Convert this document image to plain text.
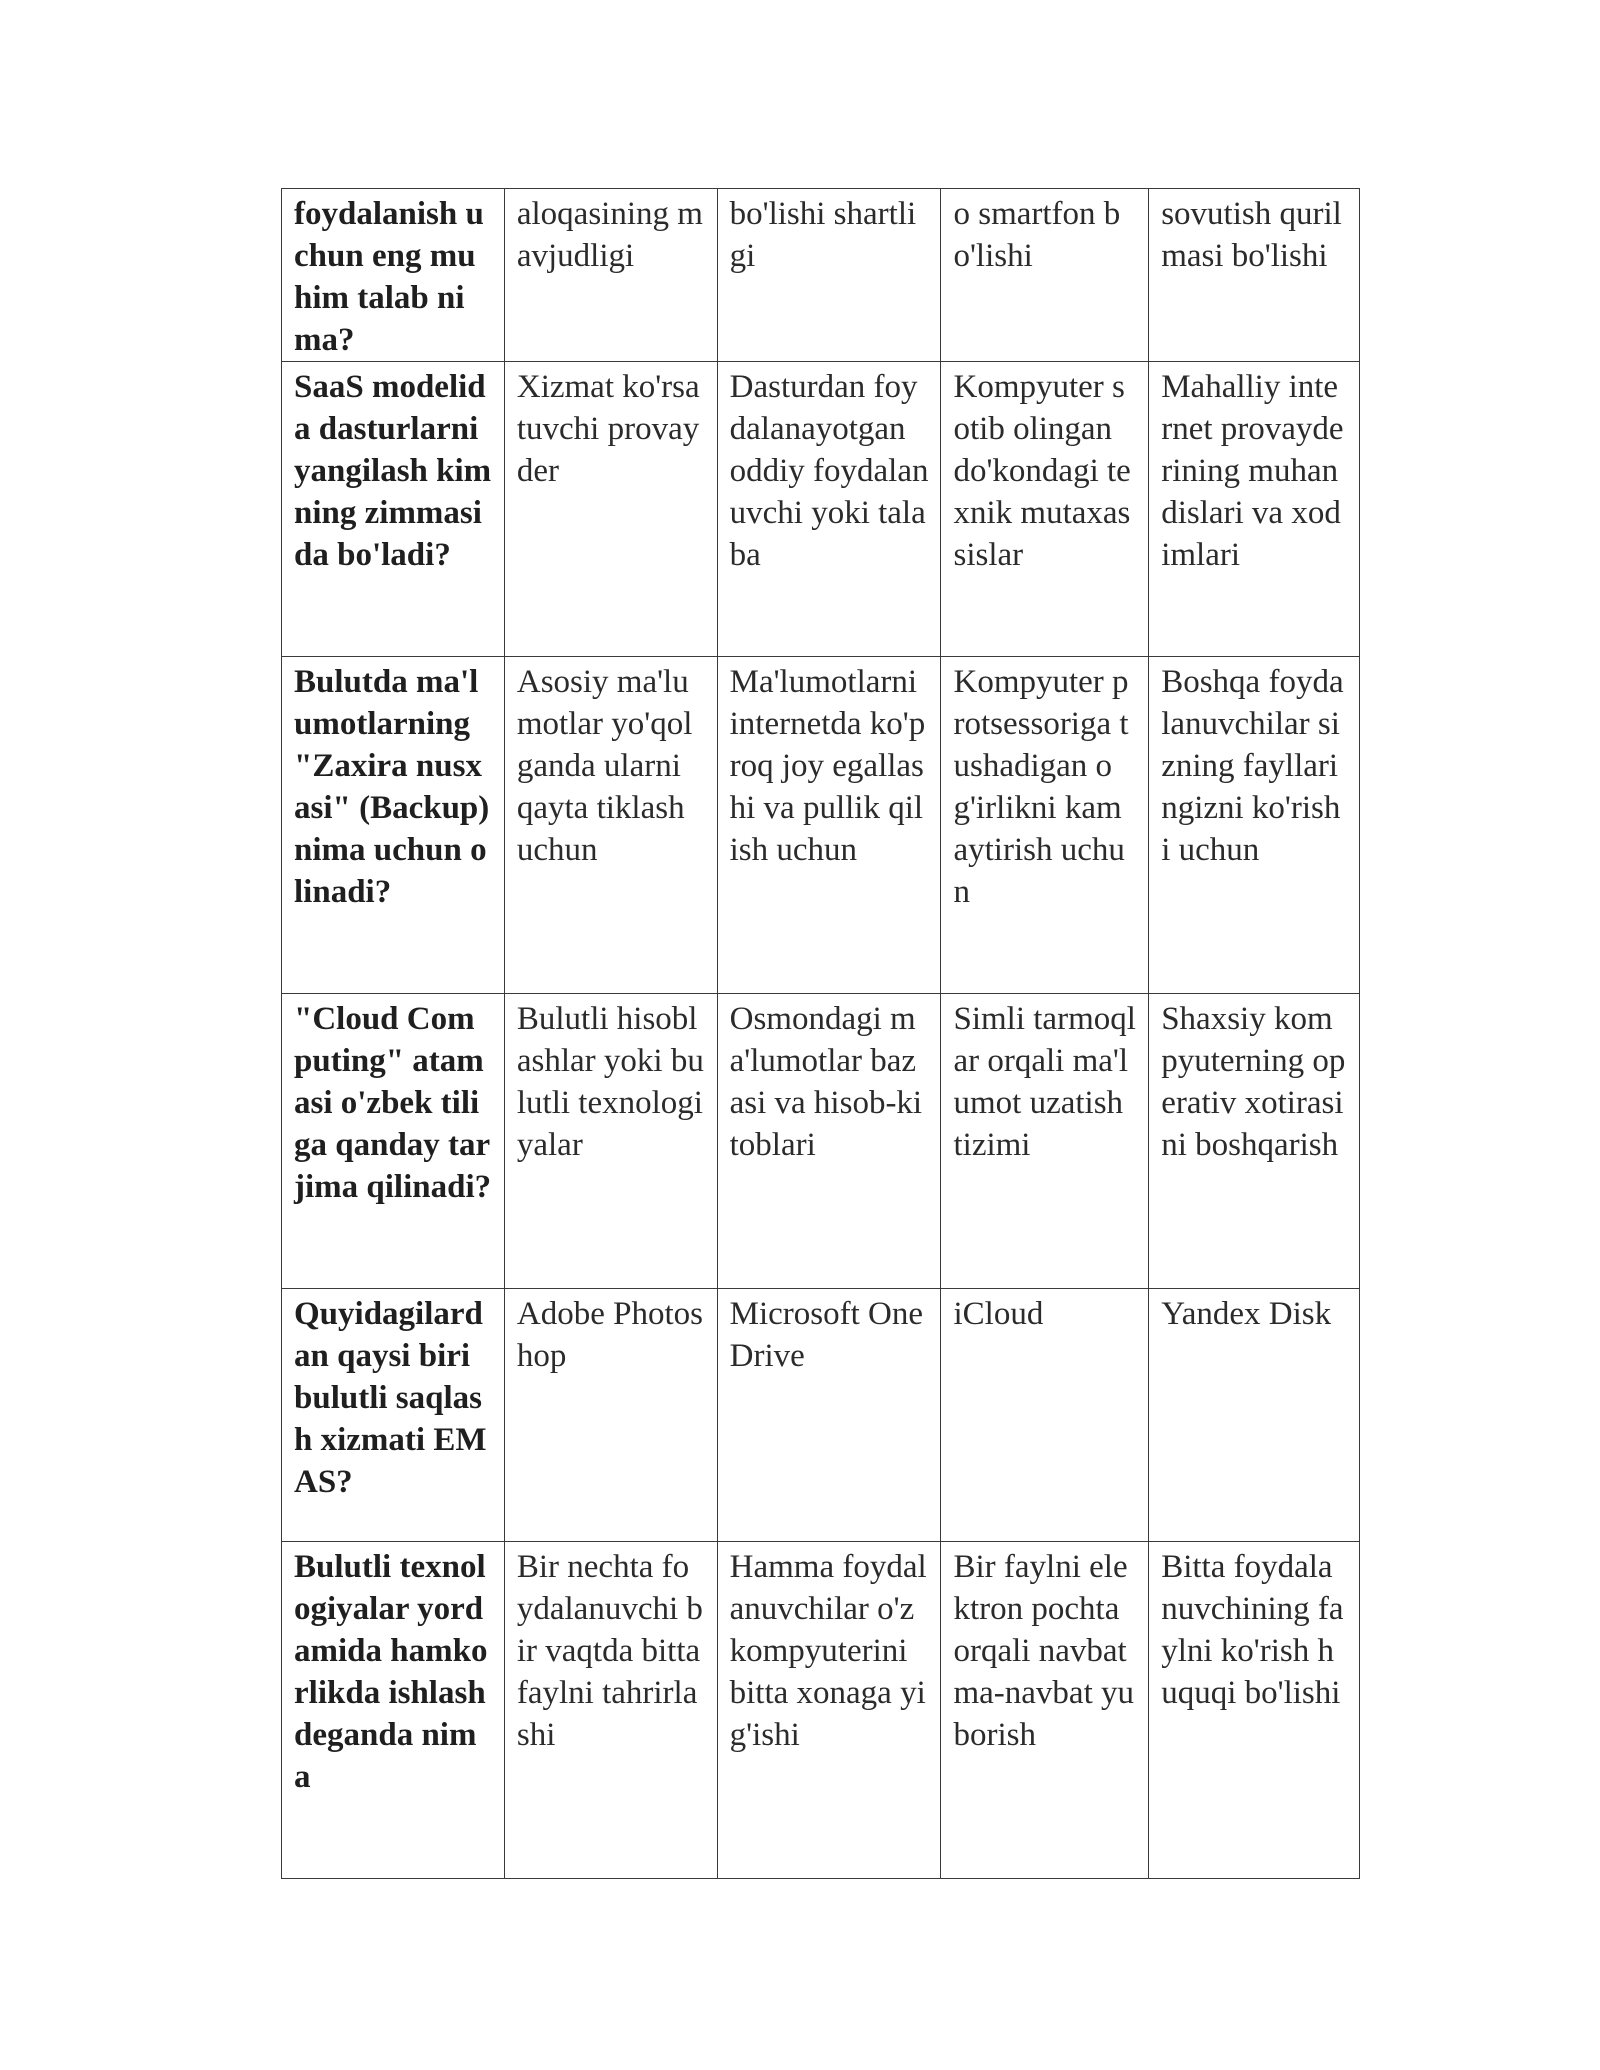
foydalanish uchun eng muhim talab nima?	aloqasining mavjudligi	bo'lishi shartligi	o smartfon bo'lishi	sovutish qurilmasi bo'lishi
SaaS modelida dasturlarni yangilash kimning zimmasida bo'ladi?	Xizmat ko'rsatuvchi provayder	Dasturdan foydalanayotgan oddiy foydalanuvchi yoki talaba	Kompyuter sotib olingan do'kondagi texnik mutaxassislar	Mahalliy internet provayderining muhandislari va xodimlari
Bulutda ma'lumotlarning "Zaxira nusxasi" (Backup) nima uchun olinadi?	Asosiy ma'lumotlar yo'qolganda ularni qayta tiklash uchun	Ma'lumotlarni internetda ko'proq joy egallashi va pullik qilish uchun	Kompyuter protsessoriga tushadigan og'irlikni kamaytirish uchun	Boshqa foydalanuvchilar sizning fayllaringizni ko'rishi uchun
"Cloud Computing" atamasi o'zbek tiliga qanday tarjima qilinadi?	Bulutli hisoblashlar yoki bulutli texnologiyalar	Osmondagi ma'lumotlar bazasi va hisob-kitoblari	Simli tarmoqlar orqali ma'lumot uzatish tizimi	Shaxsiy kompyuterning operativ xotirasini boshqarish
Quyidagilardan qaysi biri bulutli saqlash xizmati EMAS?	Adobe Photoshop	Microsoft OneDrive	iCloud	Yandex Disk
Bulutli texnologiyalar yordamida hamkorlikda ishlash deganda nima	Bir nechta foydalanuvchi bir vaqtda bitta faylni tahrirlashi	Hamma foydalanuvchilar o'z kompyuterini bitta xonaga yig'ishi	Bir faylni elektron pochta orqali navbatma-navbat yuborish	Bitta foydalanuvchining faylni ko'rish huquqi bo'lishi
